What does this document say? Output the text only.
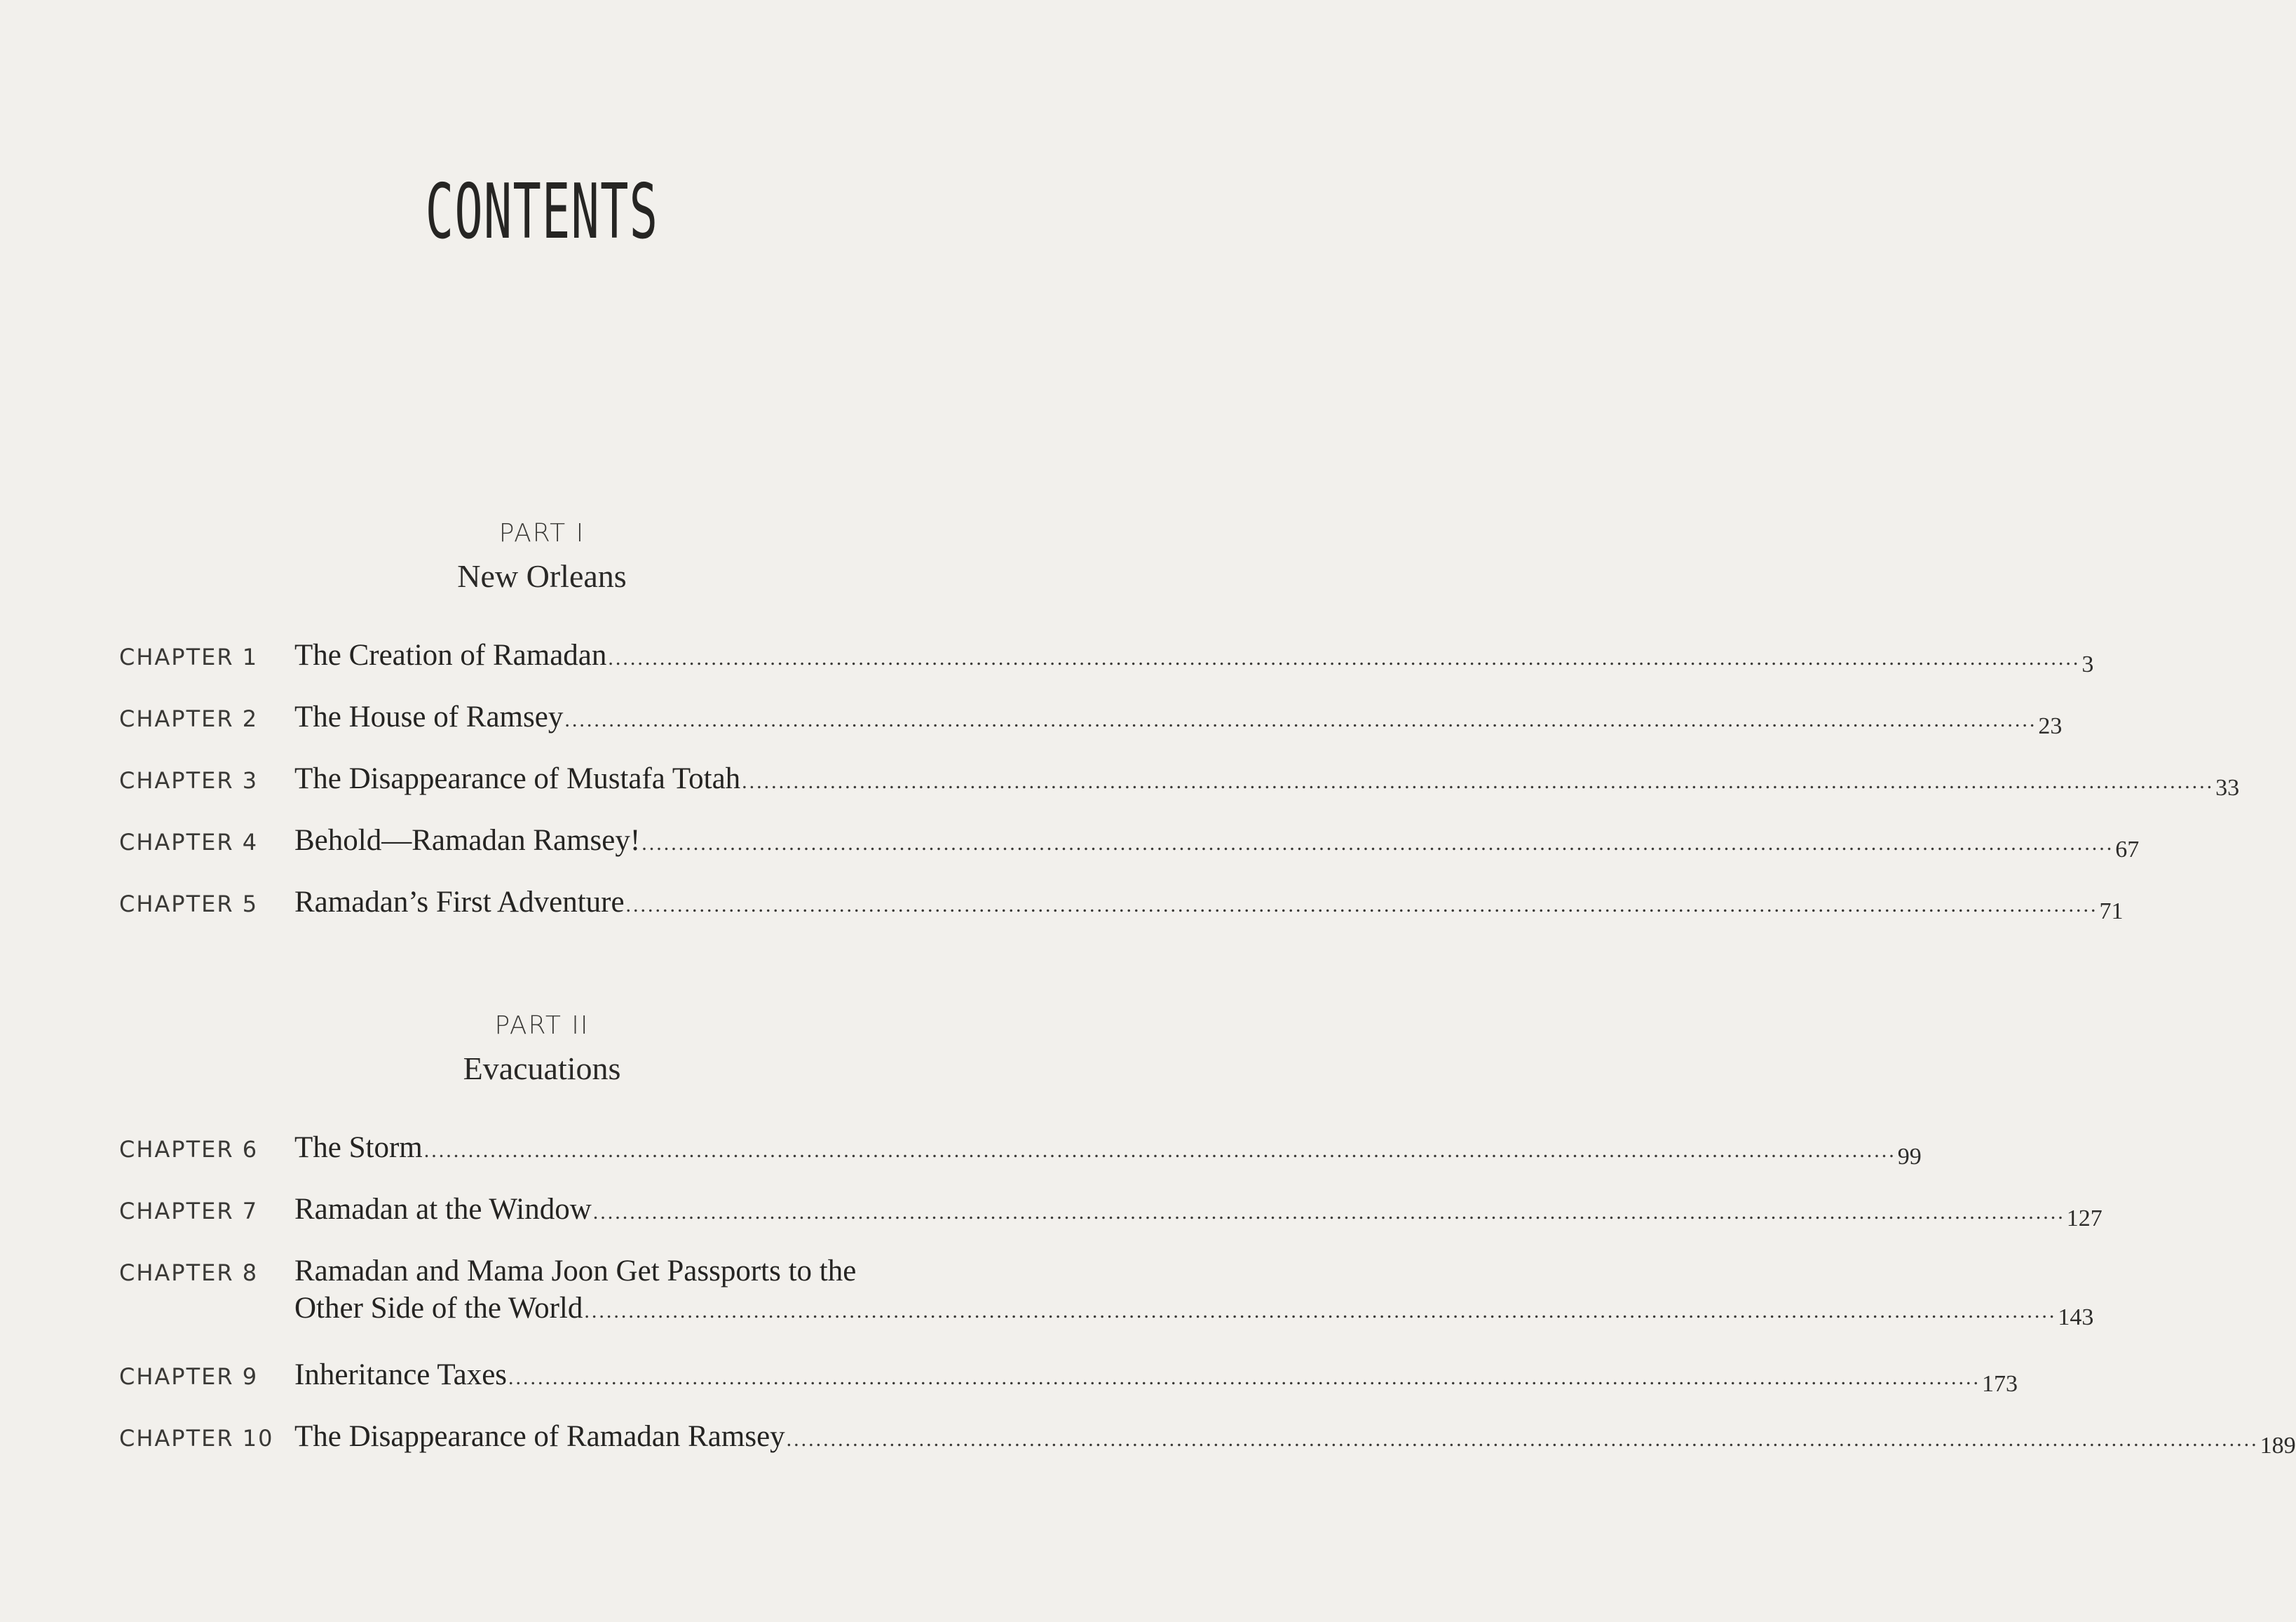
CONTENTS
PART I
New Orleans
CHAPTER 1 The Creation of Ramadan ........................................................................................................................................................................................................ 3
CHAPTER 2 The House of Ramsey ........................................................................................................................................................................................................ 23
CHAPTER 3 The Disappearance of Mustafa Totah ........................................................................................................................................................................................................ 33
CHAPTER 4 Behold—Ramadan Ramsey! ........................................................................................................................................................................................................ 67
CHAPTER 5 Ramadan’s First Adventure ........................................................................................................................................................................................................ 71
PART II
Evacuations
CHAPTER 6 The Storm ........................................................................................................................................................................................................ 99
CHAPTER 7 Ramadan at the Window ........................................................................................................................................................................................................ 127
CHAPTER 8 Ramadan and Mama Joon Get Passports to the
Other Side of the World ........................................................................................................................................................................................................ 143
CHAPTER 9 Inheritance Taxes ........................................................................................................................................................................................................ 173
CHAPTER 10 The Disappearance of Ramadan Ramsey ........................................................................................................................................................................................................ 189
